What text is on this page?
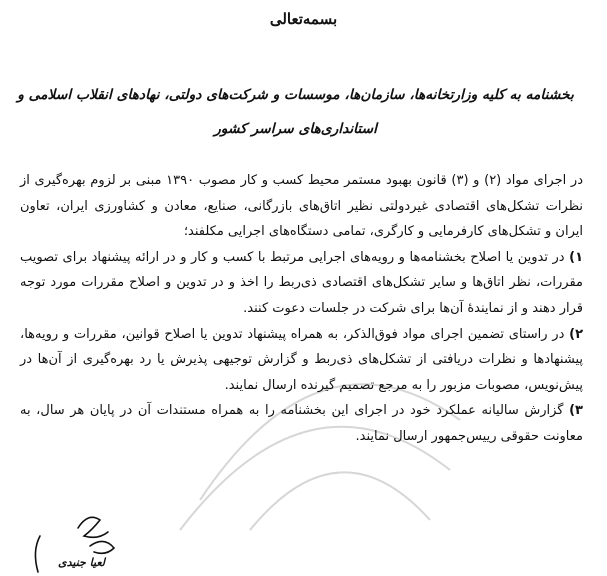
بسمه‌تعالی
بخشنامه به کلیه وزارتخانه‌ها، سازمان‌ها، موسسات و شرکت‌های دولتی، نهادهای انقلاب اسلامی و
استانداری‌های سراسر کشور

در اجرای مواد (۲) و (۳) قانون بهبود مستمر محیط کسب و کار مصوب ۱۳۹۰ مبنی بر لزوم بهره‌گیری از نظرات تشکل‌های اقتصادی غیردولتی نظیر اتاق‌های بازرگانی، صنایع، معادن و کشاورزی ایران، تعاون ایران و تشکل‌های کارفرمایی و کارگری، تمامی دستگاه‌های اجرایی مکلفند؛

۱) در تدوین یا اصلاح بخشنامه‌ها و رویه‌های اجرایی مرتبط با کسب و کار و در ارائه پیشنهاد برای تصویب مقررات، نظر اتاق‌ها و سایر تشکل‌های اقتصادی ذی‌ربط را اخذ و در تدوین و اصلاح مقررات مورد توجه قرار دهند و از نمایندهٔ آن‌ها برای شرکت در جلسات دعوت کنند.

۲) در راستای تضمین اجرای مواد فوق‌الذکر، به همراه پیشنهاد تدوین یا اصلاح قوانین، مقررات و رویه‌ها، پیشنهادها و نظرات دریافتی از تشکل‌های ذی‌ربط و گزارش توجیهی پذیرش یا رد بهره‌گیری از آن‌ها در پیش‌نویس، مصوبات مزبور را به مرجع تصمیم گیرنده ارسال نمایند.

۳) گزارش سالیانه عملکرد خود در اجرای این بخشنامه را به همراه مستندات آن در پایان هر سال، به معاونت حقوقی رییس‌جمهور ارسال نمایند.

لعیا جنیدی
